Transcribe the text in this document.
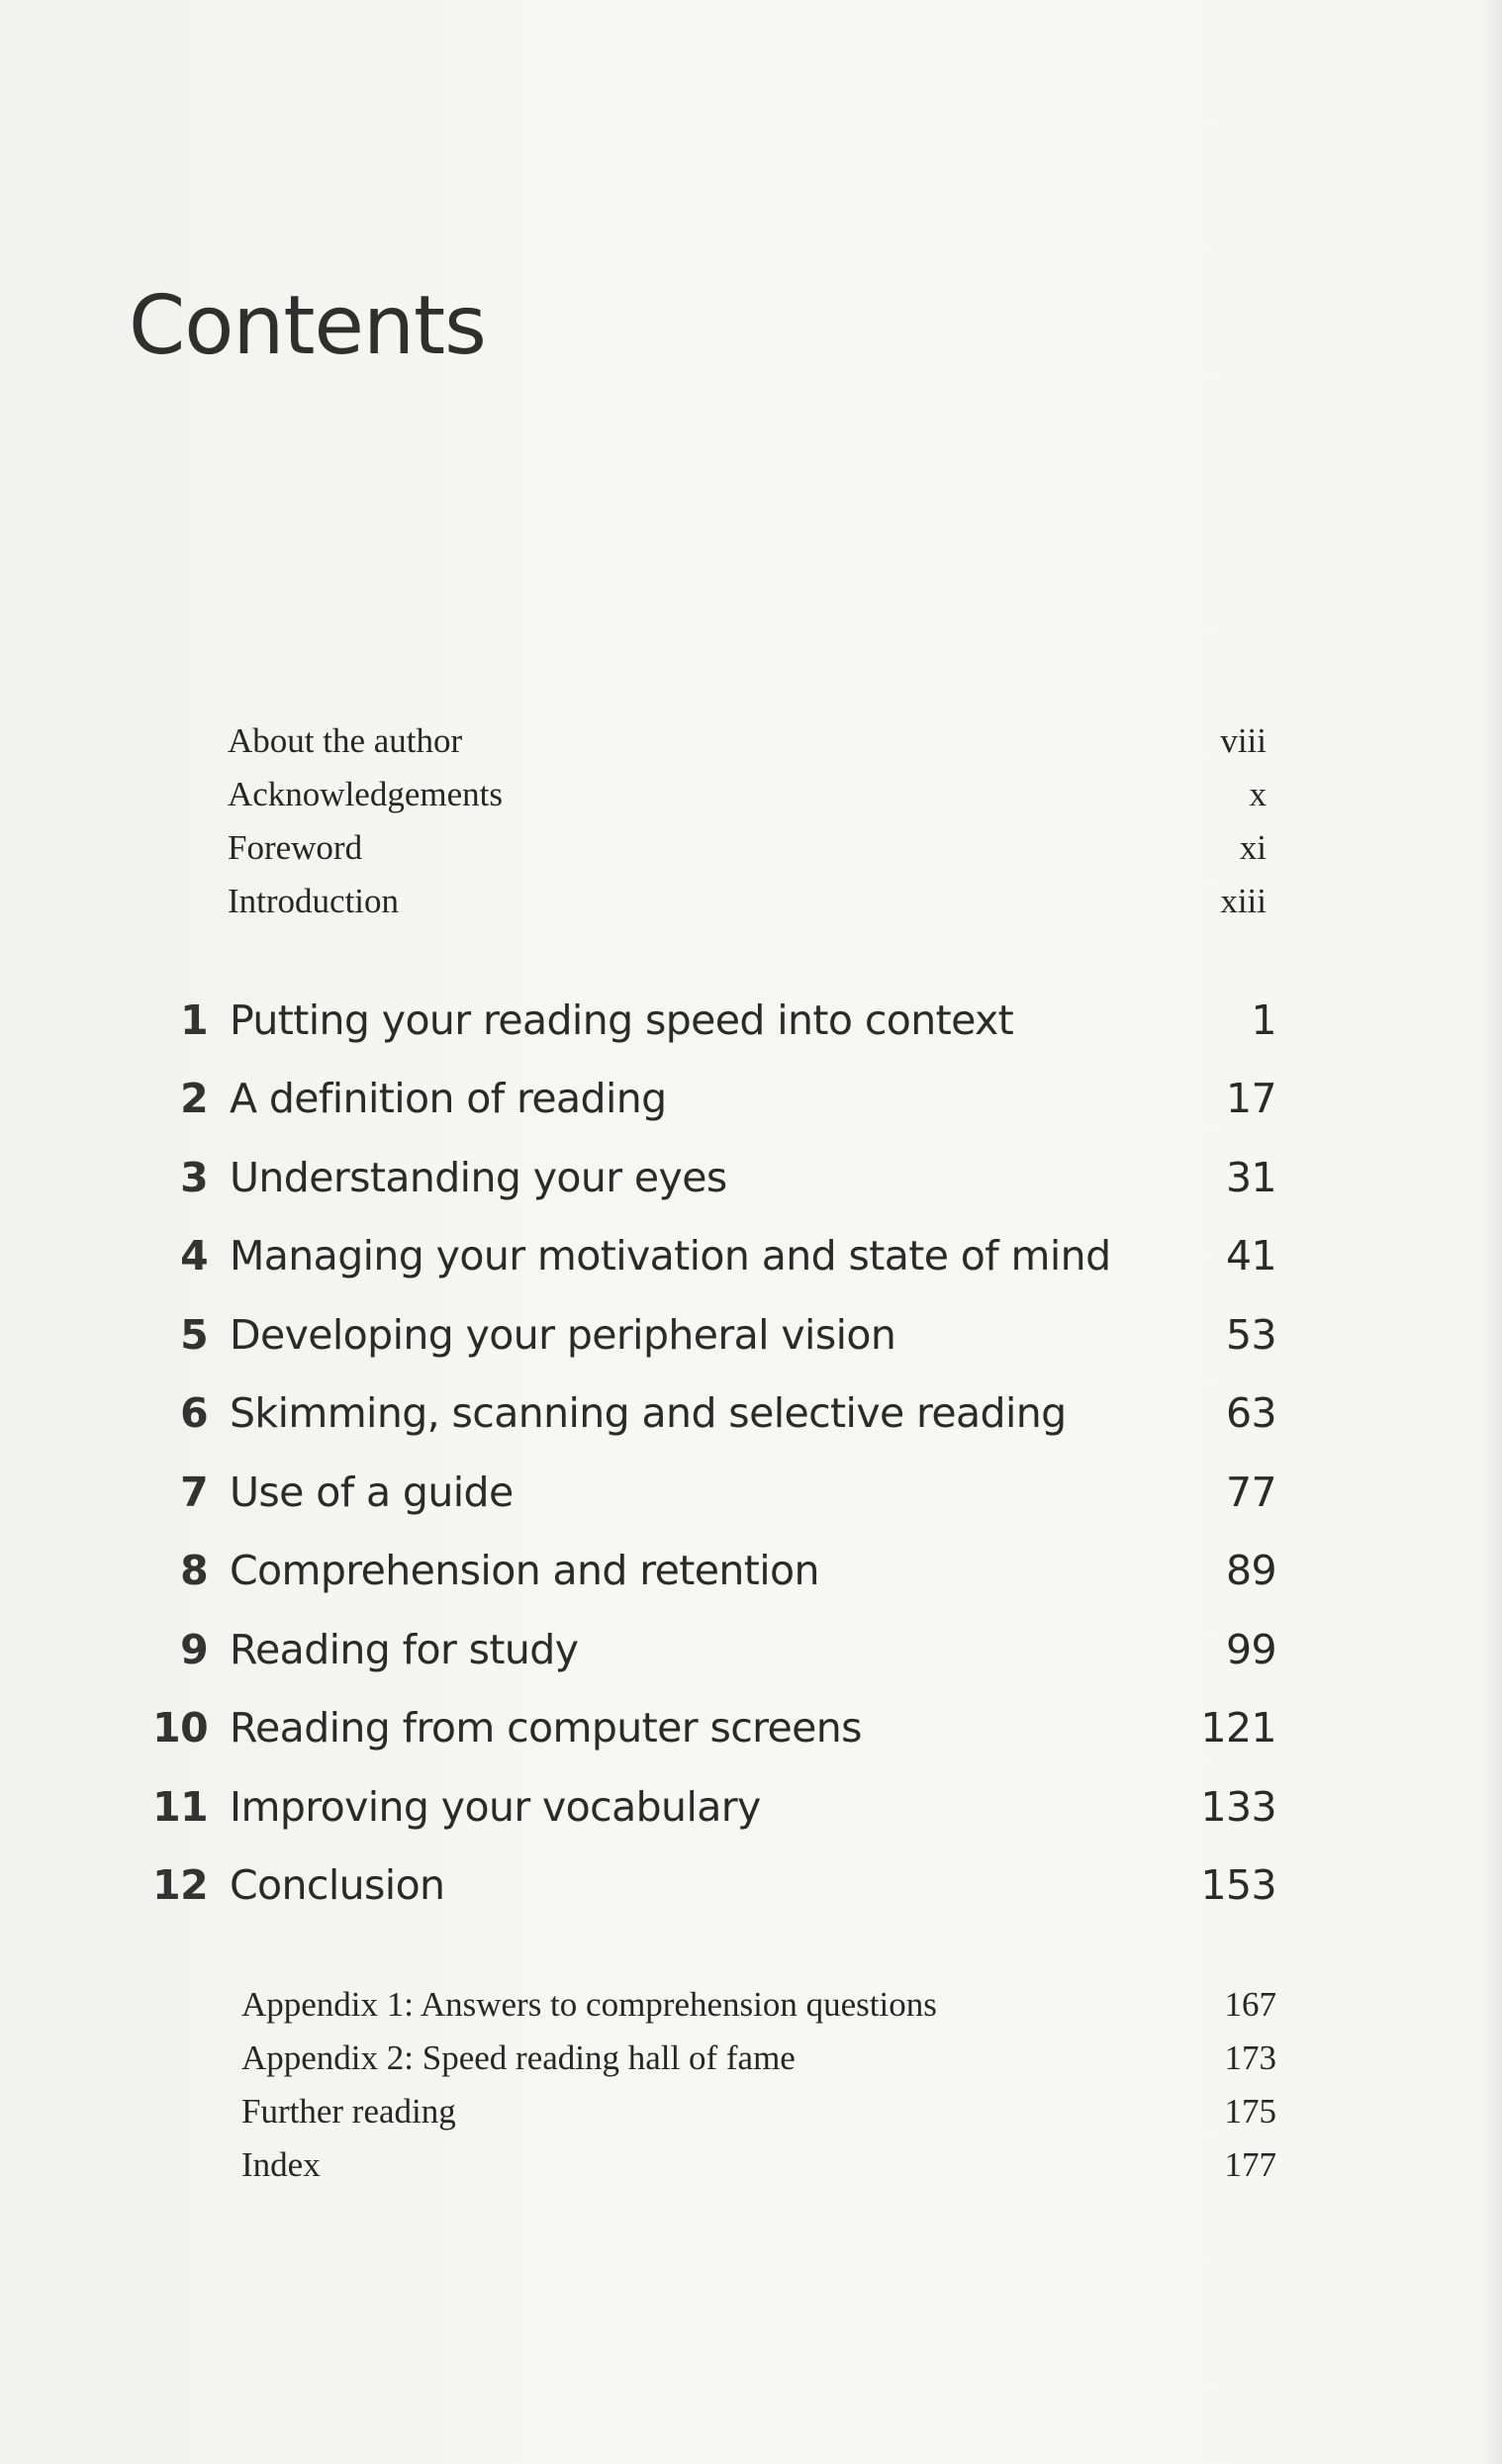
Contents
About the author	viii
Acknowledgements	x
Foreword	xi
Introduction	xiii
1 Putting your reading speed into context	1
2 A definition of reading	17
3 Understanding your eyes	31
4 Managing your motivation and state of mind	41
5 Developing your peripheral vision	53
6 Skimming, scanning and selective reading	63
7 Use of a guide	77
8 Comprehension and retention	89
9 Reading for study	99
10 Reading from computer screens	121
11 Improving your vocabulary	133
12 Conclusion	153
Appendix 1: Answers to comprehension questions	167
Appendix 2: Speed reading hall of fame	173
Further reading	175
Index	177
